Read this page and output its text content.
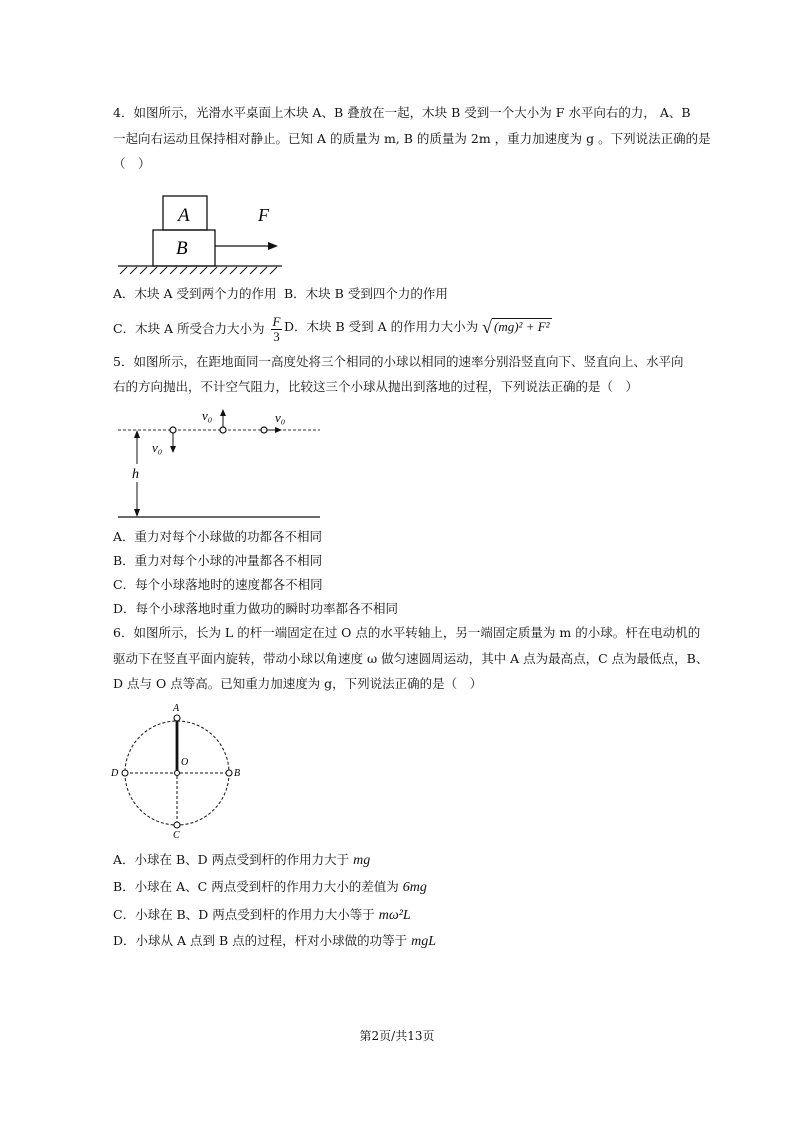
4．如图所示，光滑水平桌面上木块 A、B 叠放在一起，木块 B 受到一个大小为 F 水平向右的力， A、B
一起向右运动且保持相对静止。已知 A 的质量为 m, B 的质量为 2m ，重力加速度为 g 。下列说法正确的是
（　）
A
B
F
A．木块 A 受到两个力的作用 B．木块 B 受到四个力的作用
C．木块 A 所受合力大小为 $\frac{F}{3}$ D．木块 B 受到 A 的作用力大小为 √ (mg)² + F²
5．如图所示，在距地面同一高度处将三个相同的小球以相同的速率分别沿竖直向下、竖直向上、水平向
右的方向抛出，不计空气阻力，比较这三个小球从抛出到落地的过程，下列说法正确的是（　）
h
v₀
v₀	v₀
A．重力对每个小球做的功都各不相同
B．重力对每个小球的冲量都各不相同
C．每个小球落地时的速度都各不相同
D．每个小球落地时重力做功的瞬时功率都各不相同
6．如图所示，长为 L 的杆一端固定在过 O 点的水平转轴上，另一端固定质量为 m 的小球。杆在电动机的
驱动下在竖直平面内旋转，带动小球以角速度 ω 做匀速圆周运动，其中 A 点为最高点，C 点为最低点，B、
D 点与 O 点等高。已知重力加速度为 g，下列说法正确的是（　）
A
O
B
C
D
A．小球在 B、D 两点受到杆的作用力大于 mg
B．小球在 A、C 两点受到杆的作用力大小的差值为 6mg
C．小球在 B、D 两点受到杆的作用力大小等于 mω²L
D．小球从 A 点到 B 点的过程，杆对小球做的功等于 mgL
第2页/共13页
